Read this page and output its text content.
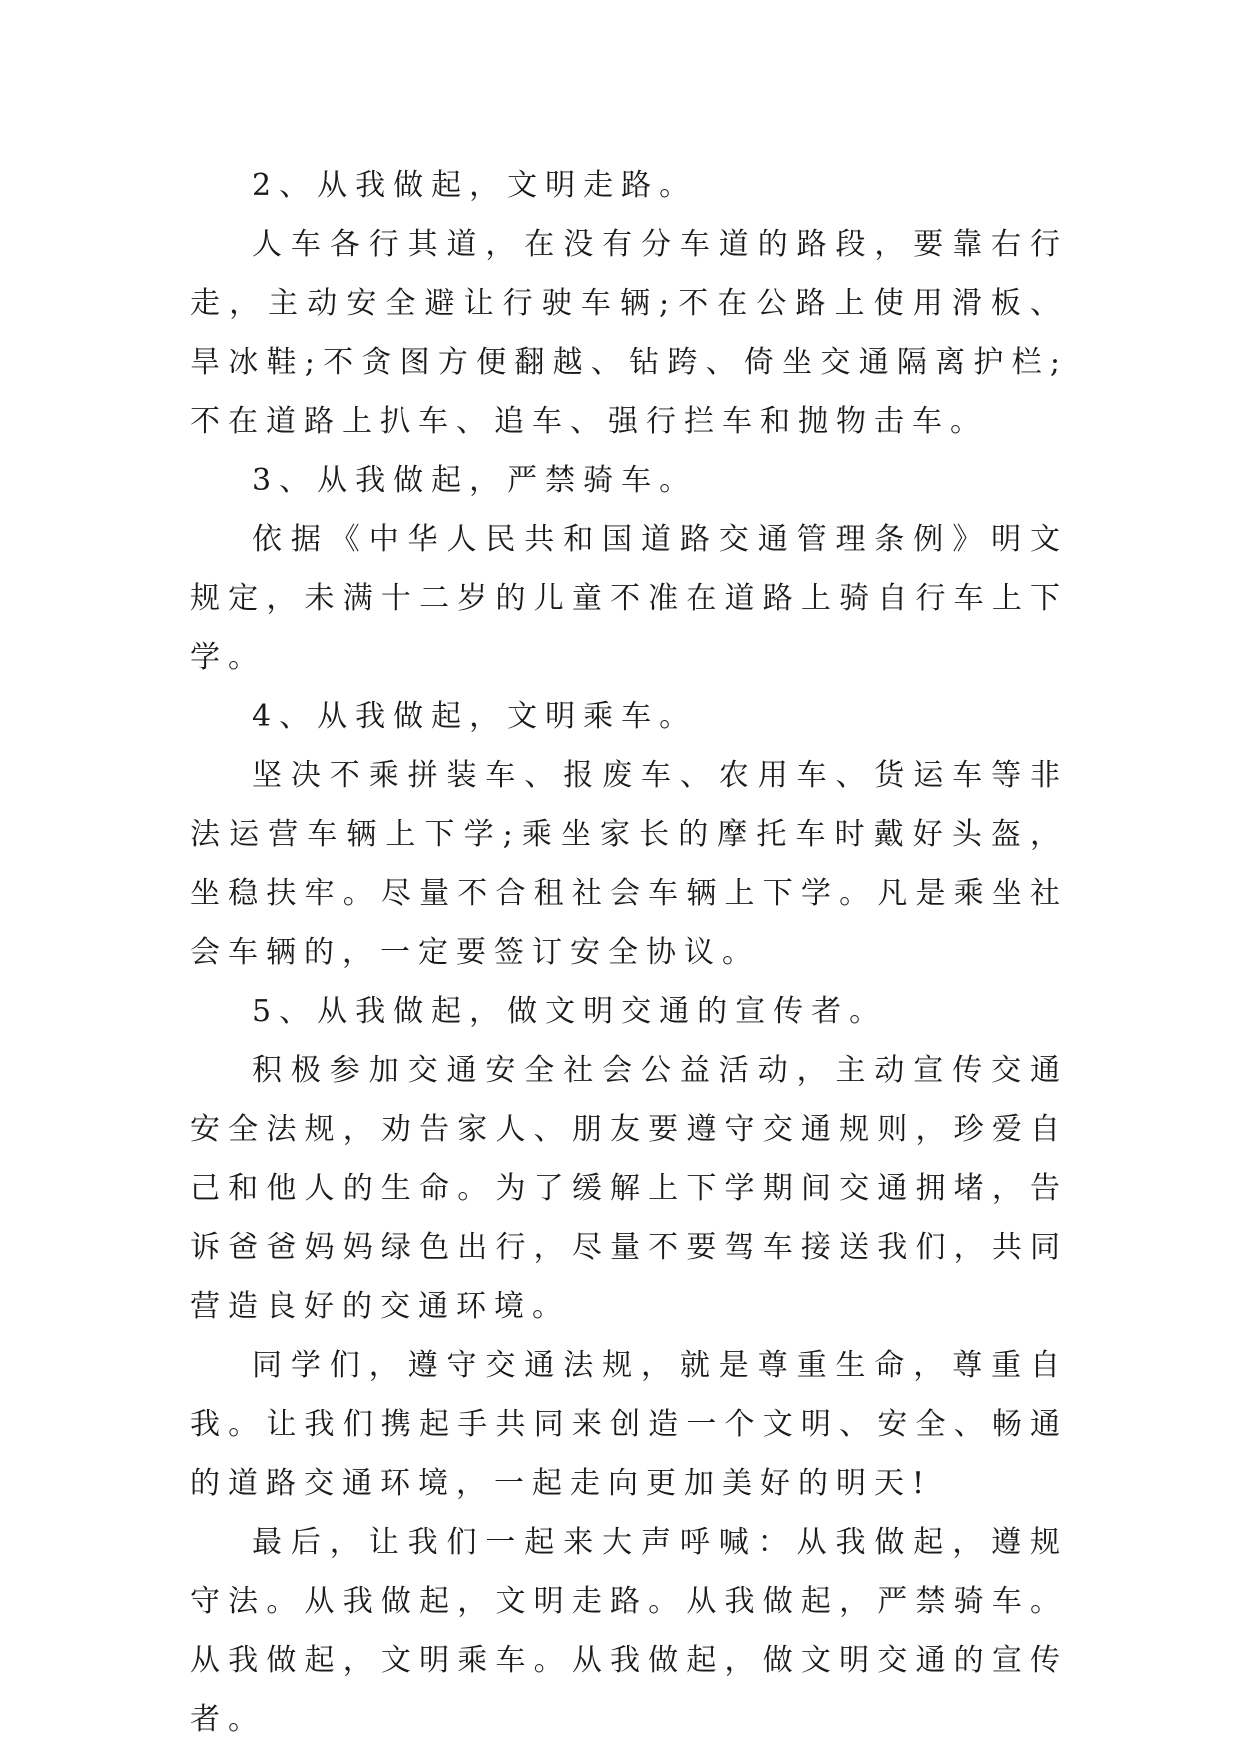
2、从我做起，文明走路。

人车各行其道，在没有分车道的路段，要靠右行走，主动安全避让行驶车辆;不在公路上使用滑板、旱冰鞋;不贪图方便翻越、钻跨、倚坐交通隔离护栏;不在道路上扒车、追车、强行拦车和抛物击车。

3、从我做起，严禁骑车。

依据《中华人民共和国道路交通管理条例》明文规定，未满十二岁的儿童不准在道路上骑自行车上下学。

4、从我做起，文明乘车。

坚决不乘拼装车、报废车、农用车、货运车等非法运营车辆上下学;乘坐家长的摩托车时戴好头盔，坐稳扶牢。尽量不合租社会车辆上下学。凡是乘坐社会车辆的，一定要签订安全协议。

5、从我做起，做文明交通的宣传者。

积极参加交通安全社会公益活动，主动宣传交通安全法规，劝告家人、朋友要遵守交通规则，珍爱自己和他人的生命。为了缓解上下学期间交通拥堵，告诉爸爸妈妈绿色出行，尽量不要驾车接送我们，共同营造良好的交通环境。

同学们，遵守交通法规，就是尊重生命，尊重自我。让我们携起手共同来创造一个文明、安全、畅通的道路交通环境，一起走向更加美好的明天!

最后，让我们一起来大声呼喊：从我做起，遵规守法。从我做起，文明走路。从我做起，严禁骑车。从我做起，文明乘车。从我做起，做文明交通的宣传者。
